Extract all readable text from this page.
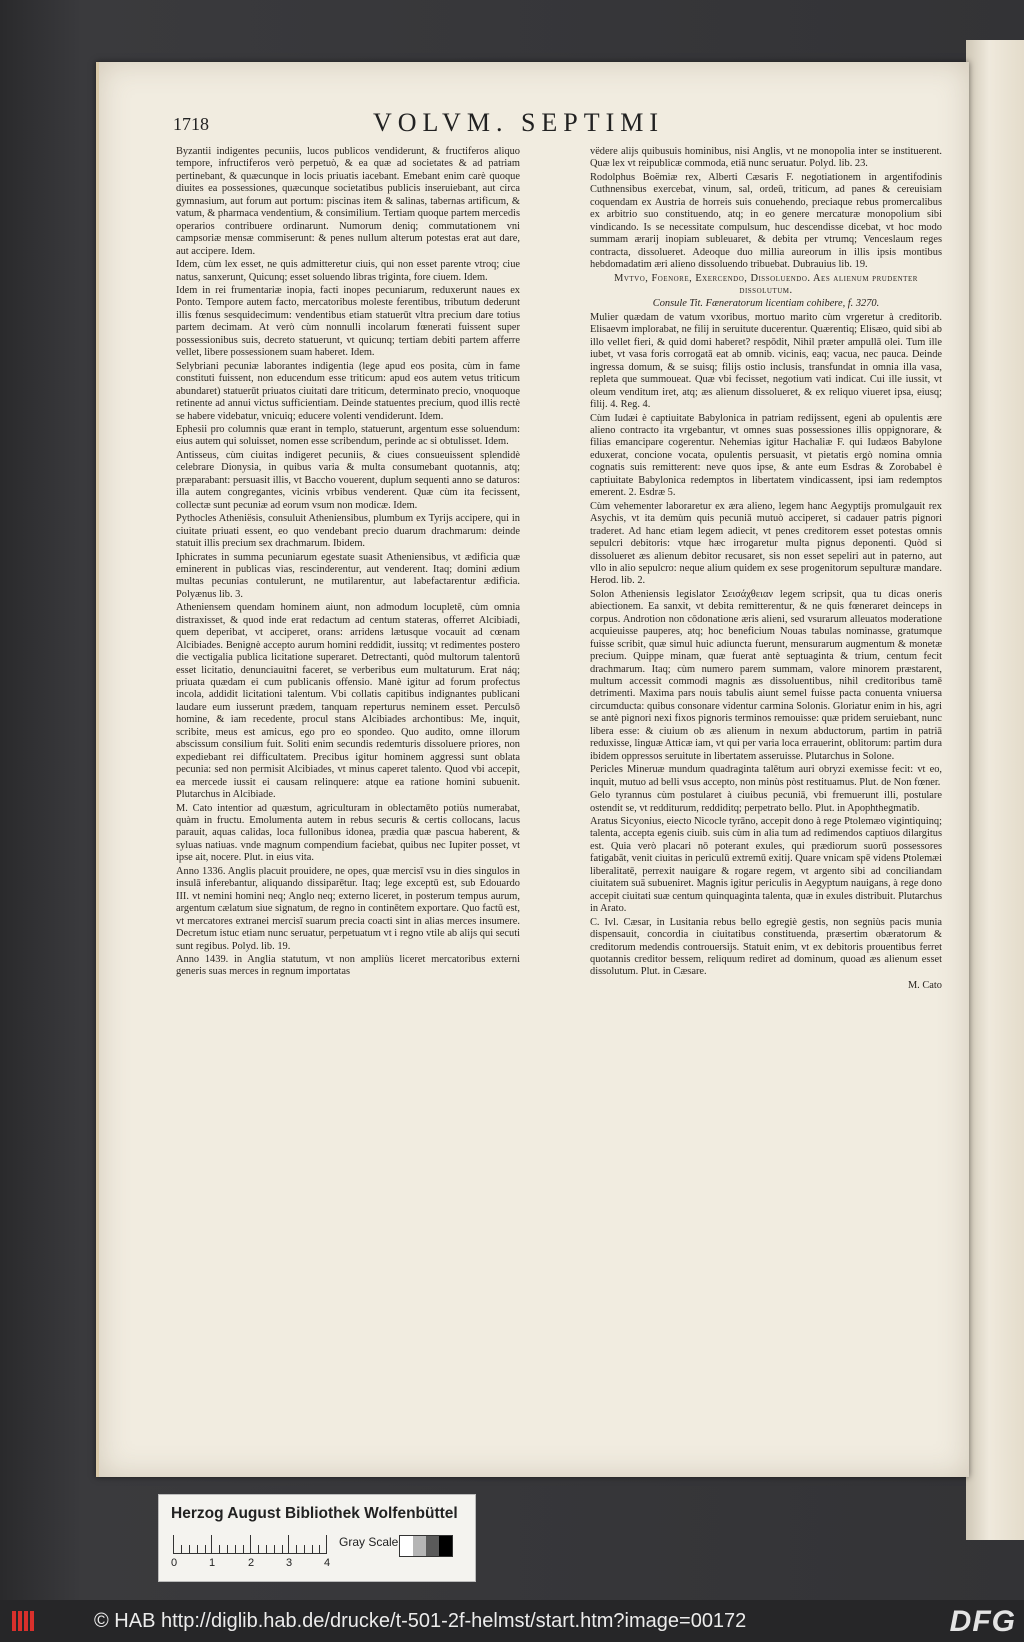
1718	VOLVM. SEPTIMI

Byzantii indigentes pecuniis, lucos publicos vendiderunt, & fructiferos aliquo tempore, infructiferos verò perpetuò, & ea quæ ad societates & ad patriam pertinebant, & quæcunque in locis priuatis iacebant. Emebant enim carè quoque diuites ea possessiones, quæcunque societatibus publicis inseruiebant, aut circa gymnasium, aut forum aut portum: piscinas item & salinas, tabernas artificum, & vatum, & pharmaca vendentium, & consimilium. Tertiam quoque partem mercedis operarios contribuere ordinarunt. Numorum deniq; commutationem vni campsoriæ mensæ commiserunt: & penes nullum alterum potestas erat aut dare, aut accipere. Idem.

Idem, cùm lex esset, ne quis admitteretur ciuis, qui non esset parente vtroq; ciue natus, sanxerunt, Quicunq; esset soluendo libras triginta, fore ciuem. Idem.

Idem in rei frumentariæ inopia, facti inopes pecuniarum, reduxerunt naues ex Ponto. Tempore autem facto, mercatoribus moleste ferentibus, tributum dederunt illis fœnus sesquidecimum: vendentibus etiam statuerūt vltra precium dare totius partem decimam. At verò cùm nonnulli incolarum fœnerati fuissent super possessionibus suis, decreto statuerunt, vt quicunq; tertiam debiti partem afferre vellet, libere possessionem suam haberet. Idem.

Selybriani pecuniæ laborantes indigentia (lege apud eos posita, cùm in fame constituti fuissent, non educendum esse triticum: apud eos autem vetus triticum abundaret) statuerūt priuatos ciuitati dare triticum, determinato precio, vnoquoque retinente ad annui victus sufficientiam. Deinde statuentes precium, quod illis rectè se habere videbatur, vnicuiq; educere volenti vendiderunt. Idem.

Ephesii pro columnis quæ erant in templo, statuerunt, argentum esse soluendum: eius autem qui soluisset, nomen esse scribendum, perinde ac si obtulisset. Idem.

Antisseus, cùm ciuitas indigeret pecuniis, & ciues consueuissent splendidè celebrare Dionysia, in quibus varia & multa consumebant quotannis, atq; præparabant: persuasit illis, vt Baccho vouerent, duplum sequenti anno se daturos: illa autem congregantes, vicinis vrbibus venderent. Quæ cùm ita fecissent, collectæ sunt pecuniæ ad eorum vsum non modicæ. Idem.

Pythocles Atheniësis, consuluit Atheniensibus, plumbum ex Tyrijs accipere, qui in ciuitate priuati essent, eo quo vendebant precio duarum drachmarum: deinde statuit illis precium sex drachmarum. Ibidem.

Iphicrates in summa pecuniarum egestate suasit Atheniensibus, vt ædificia quæ eminerent in publicas vias, rescinderentur, aut venderent. Itaq; domini ædium multas pecunias contulerunt, ne mutilarentur, aut labefactarentur ædificia. Polyænus lib. 3.

Atheniensem quendam hominem aiunt, non admodum locupletē, cùm omnia distraxisset, & quod inde erat redactum ad centum stateras, offerret Alcibiadi, quem deperibat, vt acciperet, orans: arridens lætusque vocauit ad cœnam Alcibiades. Benignè accepto aurum homini reddidit, iussitq; vt redimentes postero die vectigalia publica licitatione superaret. Detrectanti, quòd multorum talentorū esset licitatio, denunciauitni faceret, se verberibus eum multaturum. Erat náq; priuata quædam ei cum publicanis offensio. Manè igitur ad forum profectus incola, addidit licitationi talentum. Vbi collatis capitibus indignantes publicani laudare eum iusserunt prædem, tanquam reperturus neminem esset. Perculsō homine, & iam recedente, procul stans Alcibiades archontibus: Me, inquit, scribite, meus est amicus, ego pro eo spondeo. Quo audito, omne illorum abscissum consilium fuit. Soliti enim secundis redemturis dissoluere priores, non expediebant rei difficultatem. Precibus igitur hominem aggressi sunt oblata pecunia: sed non permisit Alcibiades, vt minus caperet talento. Quod vbi accepit, ea mercede iussit ei causam relinquere: atque ea ratione homini subuenit. Plutarchus in Alcibiade.

M. Cato intentior ad quæstum, agriculturam in oblectamēto potiùs numerabat, quàm in fructu. Emolumenta autem in rebus securis & certis collocans, lacus parauit, aquas calidas, loca fullonibus idonea, prædia quæ pascua haberent, & syluas natiuas. vnde magnum compendium faciebat, quibus nec Iupiter posset, vt ipse ait, nocere. Plut. in eius vita.

Anno 1336. Anglis placuit prouidere, ne opes, quæ mercisī vsu in dies singulos in insulā inferebantur, aliquando dissiparētur. Itaq; lege exceptū est, sub Edouardo III. vt nemini homini neq; Anglo neq; externo liceret, in posterum tempus aurum, argentum cælatum siue signatum, de regno in continētem exportare. Quo factū est, vt mercatores extranei mercisī suarum precia coacti sint in alias merces insumere. Decretum istuc etiam nunc seruatur, perpetuatum vt i regno vtile ab alijs qui secuti sunt regibus. Polyd. lib. 19.

Anno 1439. in Anglia statutum, vt non ampliùs liceret mercatoribus externi generis suas merces in regnum importatas

vëdere alijs quibusuis hominibus, nisi Anglis, vt ne monopolia inter se instituerent. Quæ lex vt reipublicæ commoda, etiā nunc seruatur. Polyd. lib. 23.

Rodolphus Boëmiæ rex, Alberti Cæsaris F. negotiationem in argentifodinis Cuthnensibus exercebat, vinum, sal, ordeū, triticum, ad panes & cereuisiam coquendam ex Austria de horreis suis conuehendo, preciaque rebus promercalibus ex arbitrio suo constituendo, atq; in eo genere mercaturæ monopolium sibi vindicando. Is se necessitate compulsum, huc descendisse dicebat, vt hoc modo summam ærarij inopiam subleuaret, & debita per vtrumq; Venceslaum reges contracta, dissolueret. Adeoque duo millia aureorum in illis ipsis montibus hebdomadatim æri alieno dissoluendo tribuebat. Dubrauius lib. 19.

Mvtvo, Foenore, Exercendo, Dissoluendo. Aes alienum prudenter dissolutum.

Consule Tit. Fæneratorum licentiam cohibere, f. 3270.

Mulier quædam de vatum vxoribus, mortuo marito cùm vrgeretur à creditorib. Elisaevm implorabat, ne filij in seruitute ducerentur. Quærentiq; Elisæo, quid sibi ab illo vellet fieri, & quid domi haberet? respōdit, Nihil præter ampullā olei. Tum ille iubet, vt vasa foris corrogatā eat ab omnib. vicinis, eaq; vacua, nec pauca. Deinde ingressa domum, & se suisq; filijs ostio inclusis, transfundat in omnia illa vasa, repleta que summoueat. Quæ vbi fecisset, negotium vati indicat. Cui ille iussit, vt oleum venditum iret, atq; æs alienum dissolueret, & ex reliquo viueret ipsa, eiusq; filij. 4. Reg. 4.

Cùm Iudæi è captiuitate Babylonica in patriam redijssent, egeni ab opulentis ære alieno contracto ita vrgebantur, vt omnes suas possessiones illis oppignorare, & filias emancipare cogerentur. Nehemias igitur Hachaliæ F. qui Iudæos Babylone eduxerat, concione vocata, opulentis persuasit, vt pietatis ergò nomina omnia cognatis suis remitterent: neve quos ipse, & ante eum Esdras & Zorobabel è captiuitate Babylonica redemptos in libertatem vindicassent, ipsi iam redemptos emerent. 2. Esdræ 5.

Cùm vehementer laboraretur ex æra alieno, legem hanc Aegyptijs promulgauit rex Asychis, vt ita demùm quis pecuniā mutuò acciperet, si cadauer patris pignori traderet. Ad hanc etiam legem adiecit, vt penes creditorem esset potestas omnis sepulcri debitoris: vtque hæc irrogaretur multa pignus deponenti. Quòd si dissolueret æs alienum debitor recusaret, sis non esset sepeliri aut in paterno, aut vllo in alio sepulcro: neque alium quidem ex sese progenitorum sepulturæ mandare. Herod. lib. 2.

Solon Atheniensis legislator Σεισάχθειαν legem scripsit, qua tu dicas oneris abiectionem. Ea sanxit, vt debita remitterentur, & ne quis fœneraret deinceps in corpus. Androtion non cōdonatione æris alieni, sed vsurarum alleuatos moderatione acquieuisse pauperes, atq; hoc beneficium Nouas tabulas nominasse, gratumque fuisse scribit, quæ simul huic adiuncta fuerunt, mensurarum augmentum & monetæ precium. Quippe minam, quæ fuerat antè septuaginta & trium, centum fecit drachmarum. Itaq; cùm numero parem summam, valore minorem præstarent, multum accessit commodi magnis æs dissoluentibus, nihil creditoribus tamē detrimenti. Maxima pars nouis tabulis aiunt semel fuisse pacta conuenta vniuersa circumducta: quibus consonare videntur carmina Solonis. Gloriatur enim in his, agri se antè pignori nexi fixos pignoris terminos remouisse: quæ pridem seruiebant, nunc libera esse: & ciuium ob æs alienum in nexum abductorum, partim in patriā reduxisse, linguæ Atticæ iam, vt qui per varia loca errauerint, oblitorum: partim dura ibidem oppressos seruitute in libertatem asseruisse. Plutarchus in Solone.

Pericles Mineruæ mundum quadraginta talētum auri obryzi exemisse fecit: vt eo, inquit, mutuo ad belli vsus accepto, non minùs pòst restituamus. Plut. de Non fœner.

Gelo tyrannus cùm postularet à ciuibus pecuniā, vbi fremuerunt illi, postulare ostendit se, vt redditurum, reddiditq; perpetrato bello. Plut. in Apophthegmatib.

Aratus Sicyonius, eiecto Nicocle tyrāno, accepit dono à rege Ptolemæo vigintiquinq; talenta, accepta egenis ciuib. suis cùm in alia tum ad redimendos captiuos dilargitus est. Quia verò placari nō poterant exules, qui prædiorum suorū possessores fatigabāt, venit ciuitas in periculū extremū exitij. Quare vnicam spē videns Ptolemæi liberalitatē, perrexit nauigare & rogare regem, vt argento sibi ad conciliandam ciuitatem suā subueniret. Magnis igitur periculis in Aegyptum nauigans, à rege dono accepit ciuitati suæ centum quinquaginta talenta, quæ in exules distribuit. Plutarchus in Arato.

C. Ivl. Cæsar, in Lusitania rebus bello egregiè gestis, non segniùs pacis munia dispensauit, concordia in ciuitatibus constituenda, præsertim obæratorum & creditorum medendis controuersijs. Statuit enim, vt ex debitoris prouentibus ferret quotannis creditor bessem, reliquum rediret ad dominum, quoad æs alienum esset dissolutum. Plut. in Cæsare.

M. Cato

Herzog August Bibliothek Wolfenbüttel
0	1	2	3	4
Gray Scale
© HAB http://diglib.hab.de/drucke/t-501-2f-helmst/start.htm?image=00172	DFG
